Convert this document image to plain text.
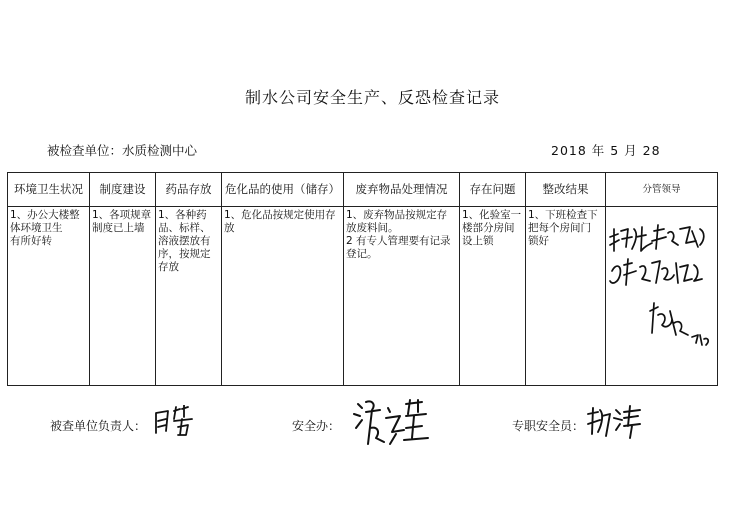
制水公司安全生产、反恐检查记录
被检查单位：水质检测中心	2018 年 5 月 28
环境卫生状况	制度建设	药品存放	危化品的使用（储存）	废弃物品处理情况	存在问题	整改结果	分管领导

1、办公大楼整
体环境卫生
有所好转	1、各项规章
制度已上墙	1、各种药
品、标样、
溶液摆放有
序，按规定
存放	1、危化品按规定使用存
放	1、废弃物品按规定存
放废料间。
2 有专人管理要有记录
登记。	1、化验室一
楼部分房间
设上锁	1、下班检查下
把每个房间门
锁好

被查单位负责人：	安全办：	专职安全员：
